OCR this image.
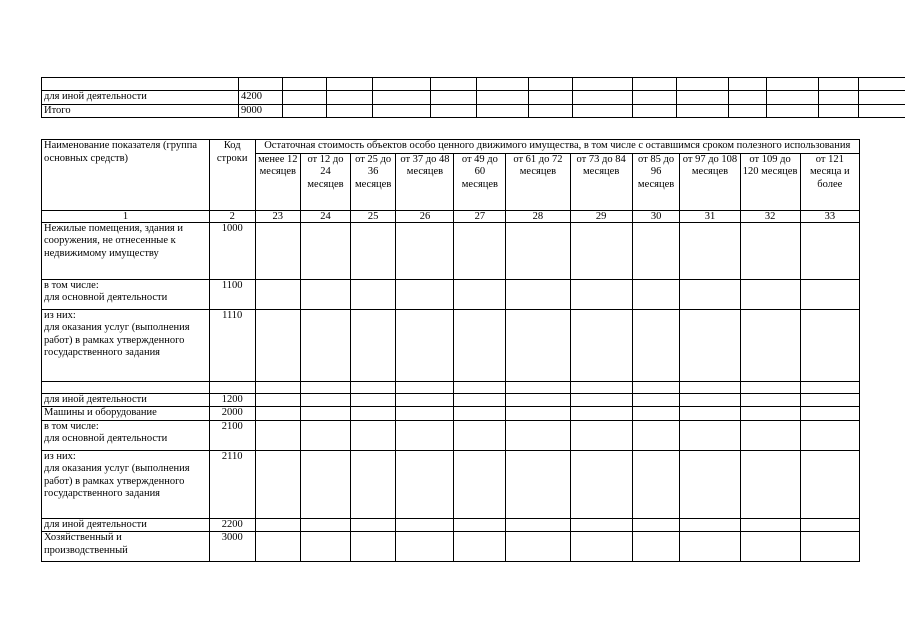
для иной деятельности	4200													
Итого	9000													
Наименование показателя (группа основных средств)	Код строки	Остаточная стоимость объектов особо ценного движимого имущества, в том числе с оставшимся сроком полезного использования										
		менее 12 месяцев	от 12 до 24 месяцев	от 25 до 36 месяцев	от 37 до 48 месяцев	от 49 до 60 месяцев	от 61 до 72 месяцев	от 73 до 84 месяцев	от 85 до 96 месяцев	от 97 до 108 месяцев	от 109 до 120 месяцев	от 121 месяца и более
1	2	23	24	25	26	27	28	29	30	31	32	33
Нежилые помещения, здания и сооружения, не отнесенные к недвижимому имуществу	1000											
в том числе:
для основной деятельности	1100											
из них:
для оказания услуг (выполнения работ) в рамках утвержденного государственного задания	1110											

для иной деятельности	1200											
Машины и оборудование	2000											
в том числе:
для основной деятельности	2100											
из них:
для оказания услуг (выполнения работ) в рамках утвержденного государственного задания	2110											
для иной деятельности	2200											
Хозяйственный и производственный	3000											
